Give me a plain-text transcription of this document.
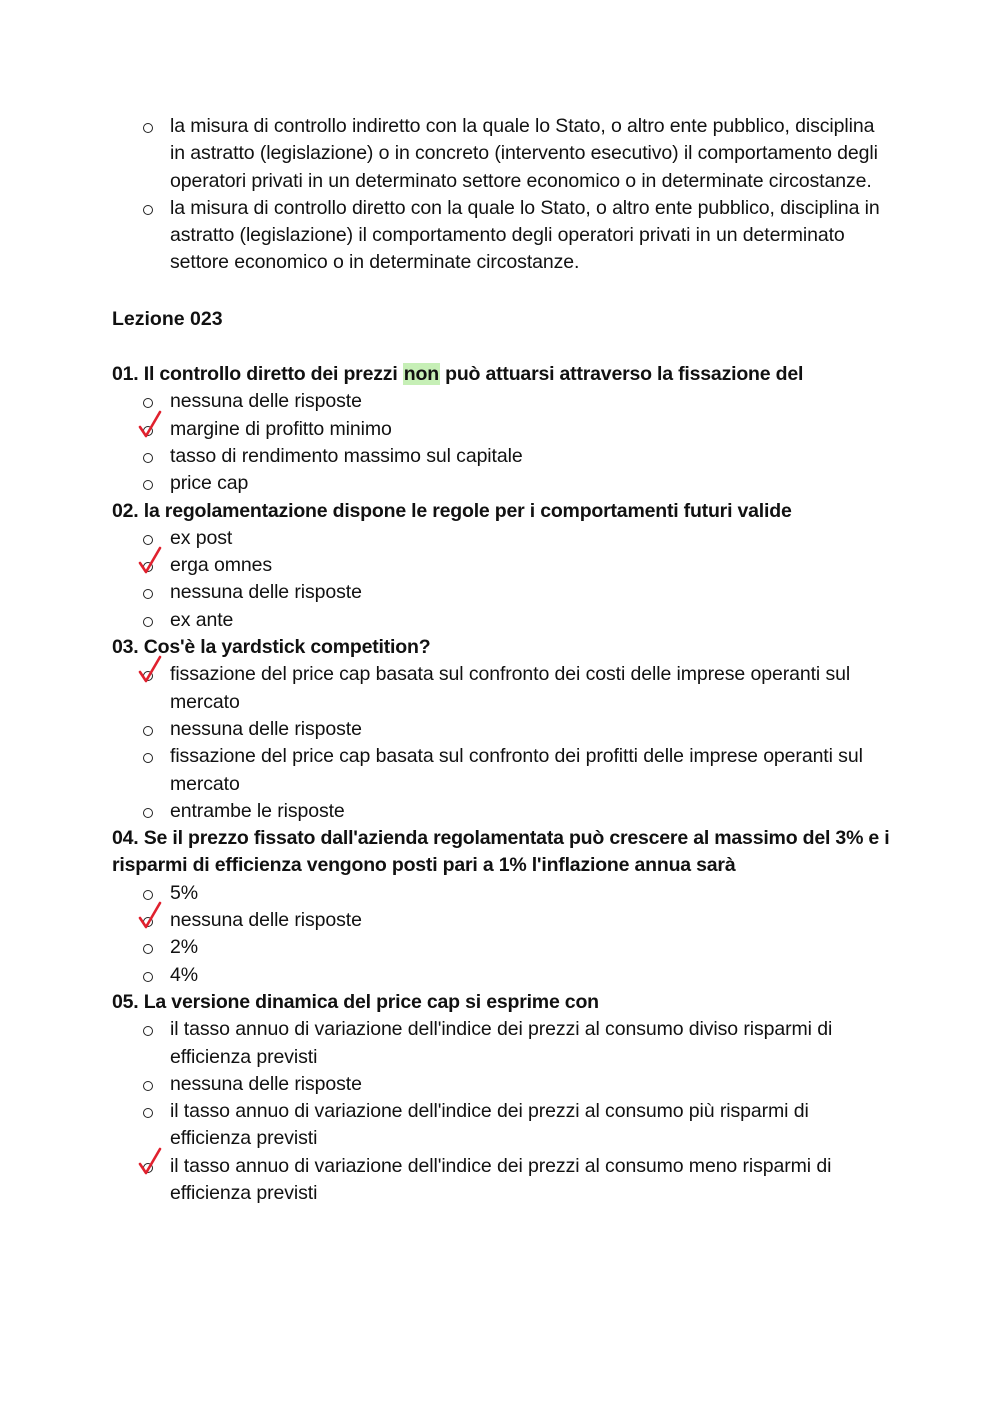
la misura di controllo indiretto con la quale lo Stato, o altro ente pubblico, disciplina in astratto (legislazione) o in concreto (intervento esecutivo) il comportamento degli operatori privati in un determinato settore economico o in determinate circostanze.
la misura di controllo diretto con la quale lo Stato, o altro ente pubblico, disciplina in astratto (legislazione) il comportamento degli operatori privati in un determinato settore economico o in determinate circostanze.
Lezione 023
01. Il controllo diretto dei prezzi non può attuarsi attraverso la fissazione del
nessuna delle risposte
margine di profitto minimo
tasso di rendimento massimo sul capitale
price cap
02. la regolamentazione dispone le regole per i comportamenti futuri valide
ex post
erga omnes
nessuna delle risposte
ex ante
03. Cos'è la yardstick competition?
fissazione del price cap basata sul confronto dei costi delle imprese operanti sul mercato
nessuna delle risposte
fissazione del price cap basata sul confronto dei profitti delle imprese operanti sul mercato
entrambe le risposte
04. Se il prezzo fissato dall'azienda regolamentata può crescere al massimo del 3% e i risparmi di efficienza vengono posti pari a 1% l'inflazione annua sarà
5%
nessuna delle risposte
2%
4%
05. La versione dinamica del price cap si esprime con
il tasso annuo di variazione dell'indice dei prezzi al consumo diviso risparmi di efficienza previsti
nessuna delle risposte
il tasso annuo di variazione dell'indice dei prezzi al consumo più risparmi di efficienza previsti
il tasso annuo di variazione dell'indice dei prezzi al consumo meno risparmi di efficienza previsti
